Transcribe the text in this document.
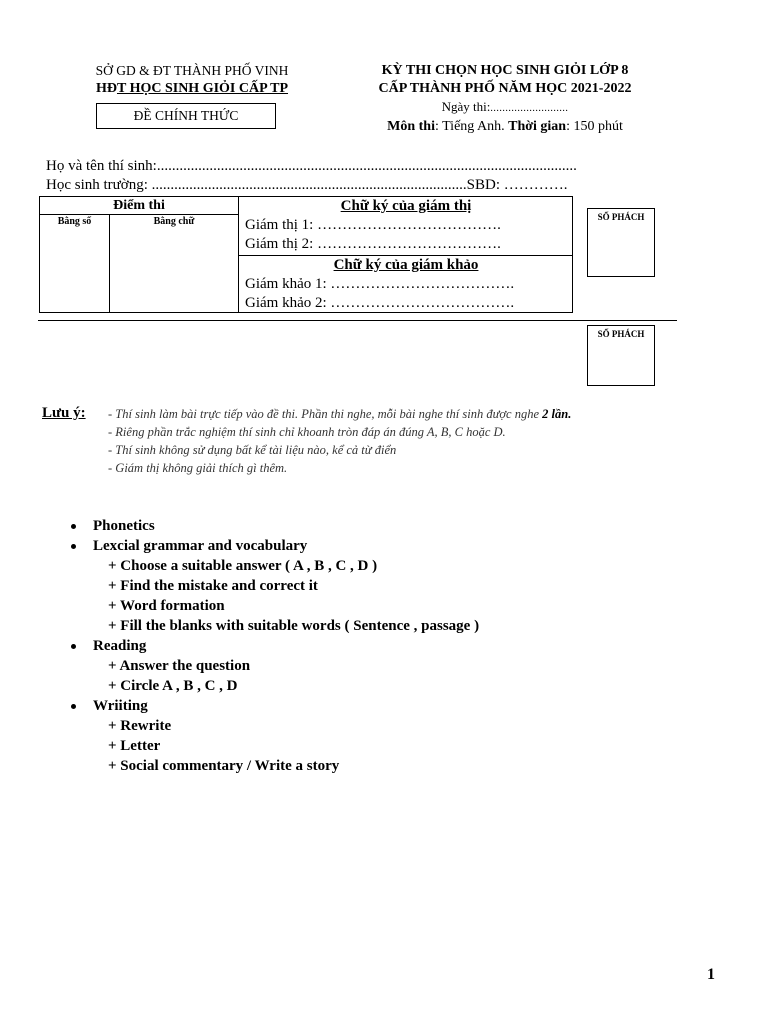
SỞ GD & ĐT THÀNH PHỐ VINH
HĐT HỌC SINH GIỎI CẤP TP
ĐỀ CHÍNH THỨC
KỲ THI CHỌN HỌC SINH GIỎI LỚP 8
CẤP THÀNH PHỐ NĂM HỌC 2021-2022
Ngày thi:..........................
Môn thi: Tiếng Anh. Thời gian: 150 phút
Họ và tên thí sinh:................................................................................................................
Học sinh trường: ....................................................................................SBD: ………….
Điểm thi
Bằng số	Bằng chữ
Chữ ký của giám thị
Giám thị 1: ……………………………….
Giám thị 2: ……………………………….
Chữ ký của giám khảo
Giám khảo 1: ……………………………….
Giám khảo 2: ……………………………….
SỐ PHÁCH
SỐ PHÁCH
Lưu ý: - Thí sinh làm bài trực tiếp vào đề thi. Phần thi nghe, mỗi bài nghe thí sinh được nghe 2 lần.
- Riêng phần trắc nghiệm thí sinh chỉ khoanh tròn đáp án đúng A, B, C hoặc D.
- Thí sinh không sử dụng bất kể tài liệu nào, kể cả từ điển
- Giám thị không giải thích gì thêm.
Phonetics
Lexcial grammar and vocabulary
+ Choose a suitable answer ( A , B , C , D )
+ Find the mistake and correct it
+ Word formation
+ Fill the blanks with suitable words ( Sentence , passage )
Reading
+ Answer the question
+ Circle A , B , C , D
Wriiting
+ Rewrite
+ Letter
+ Social commentary / Write a story
1
